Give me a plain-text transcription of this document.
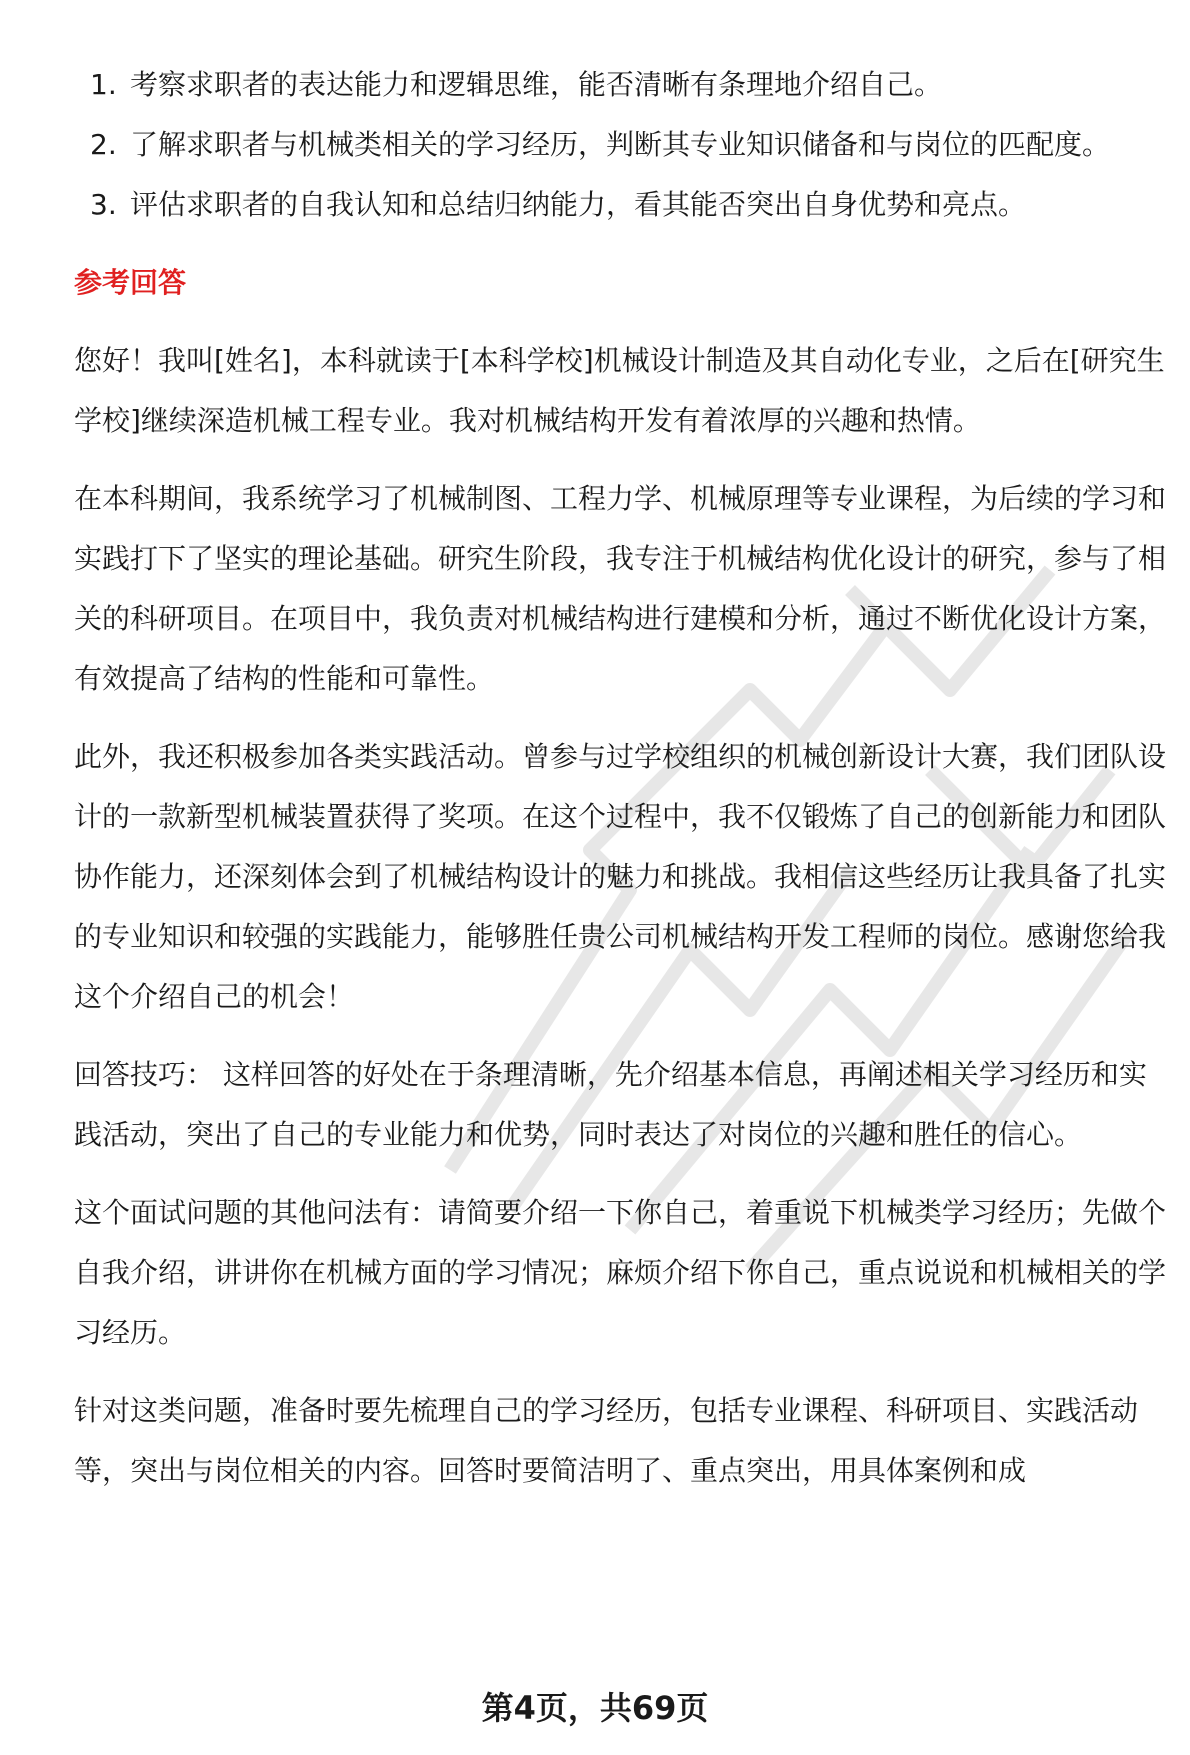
1. 考察求职者的表达能力和逻辑思维，能否清晰有条理地介绍自己。
2. 了解求职者与机械类相关的学习经历，判断其专业知识储备和与岗位的匹配度。
3. 评估求职者的自我认知和总结归纳能力，看其能否突出自身优势和亮点。
参考回答

您好！我叫[姓名]，本科就读于[本科学校]机械设计制造及其自动化专业，之后在[研究生学校]继续深造机械工程专业。我对机械结构开发有着浓厚的兴趣和热情。

在本科期间，我系统学习了机械制图、工程力学、机械原理等专业课程，为后续的学习和实践打下了坚实的理论基础。研究生阶段，我专注于机械结构优化设计的研究，参与了相关的科研项目。在项目中，我负责对机械结构进行建模和分析，通过不断优化设计方案，有效提高了结构的性能和可靠性。

此外，我还积极参加各类实践活动。曾参与过学校组织的机械创新设计大赛，我们团队设计的一款新型机械装置获得了奖项。在这个过程中，我不仅锻炼了自己的创新能力和团队协作能力，还深刻体会到了机械结构设计的魅力和挑战。我相信这些经历让我具备了扎实的专业知识和较强的实践能力，能够胜任贵公司机械结构开发工程师的岗位。感谢您给我这个介绍自己的机会！

回答技巧： 这样回答的好处在于条理清晰，先介绍基本信息，再阐述相关学习经历和实践活动，突出了自己的专业能力和优势，同时表达了对岗位的兴趣和胜任的信心。

这个面试问题的其他问法有：请简要介绍一下你自己，着重说下机械类学习经历；先做个自我介绍，讲讲你在机械方面的学习情况；麻烦介绍下你自己，重点说说和机械相关的学习经历。

针对这类问题，准备时要先梳理自己的学习经历，包括专业课程、科研项目、实践活动等，突出与岗位相关的内容。回答时要简洁明了、重点突出，用具体案例和成

第4页，共69页
